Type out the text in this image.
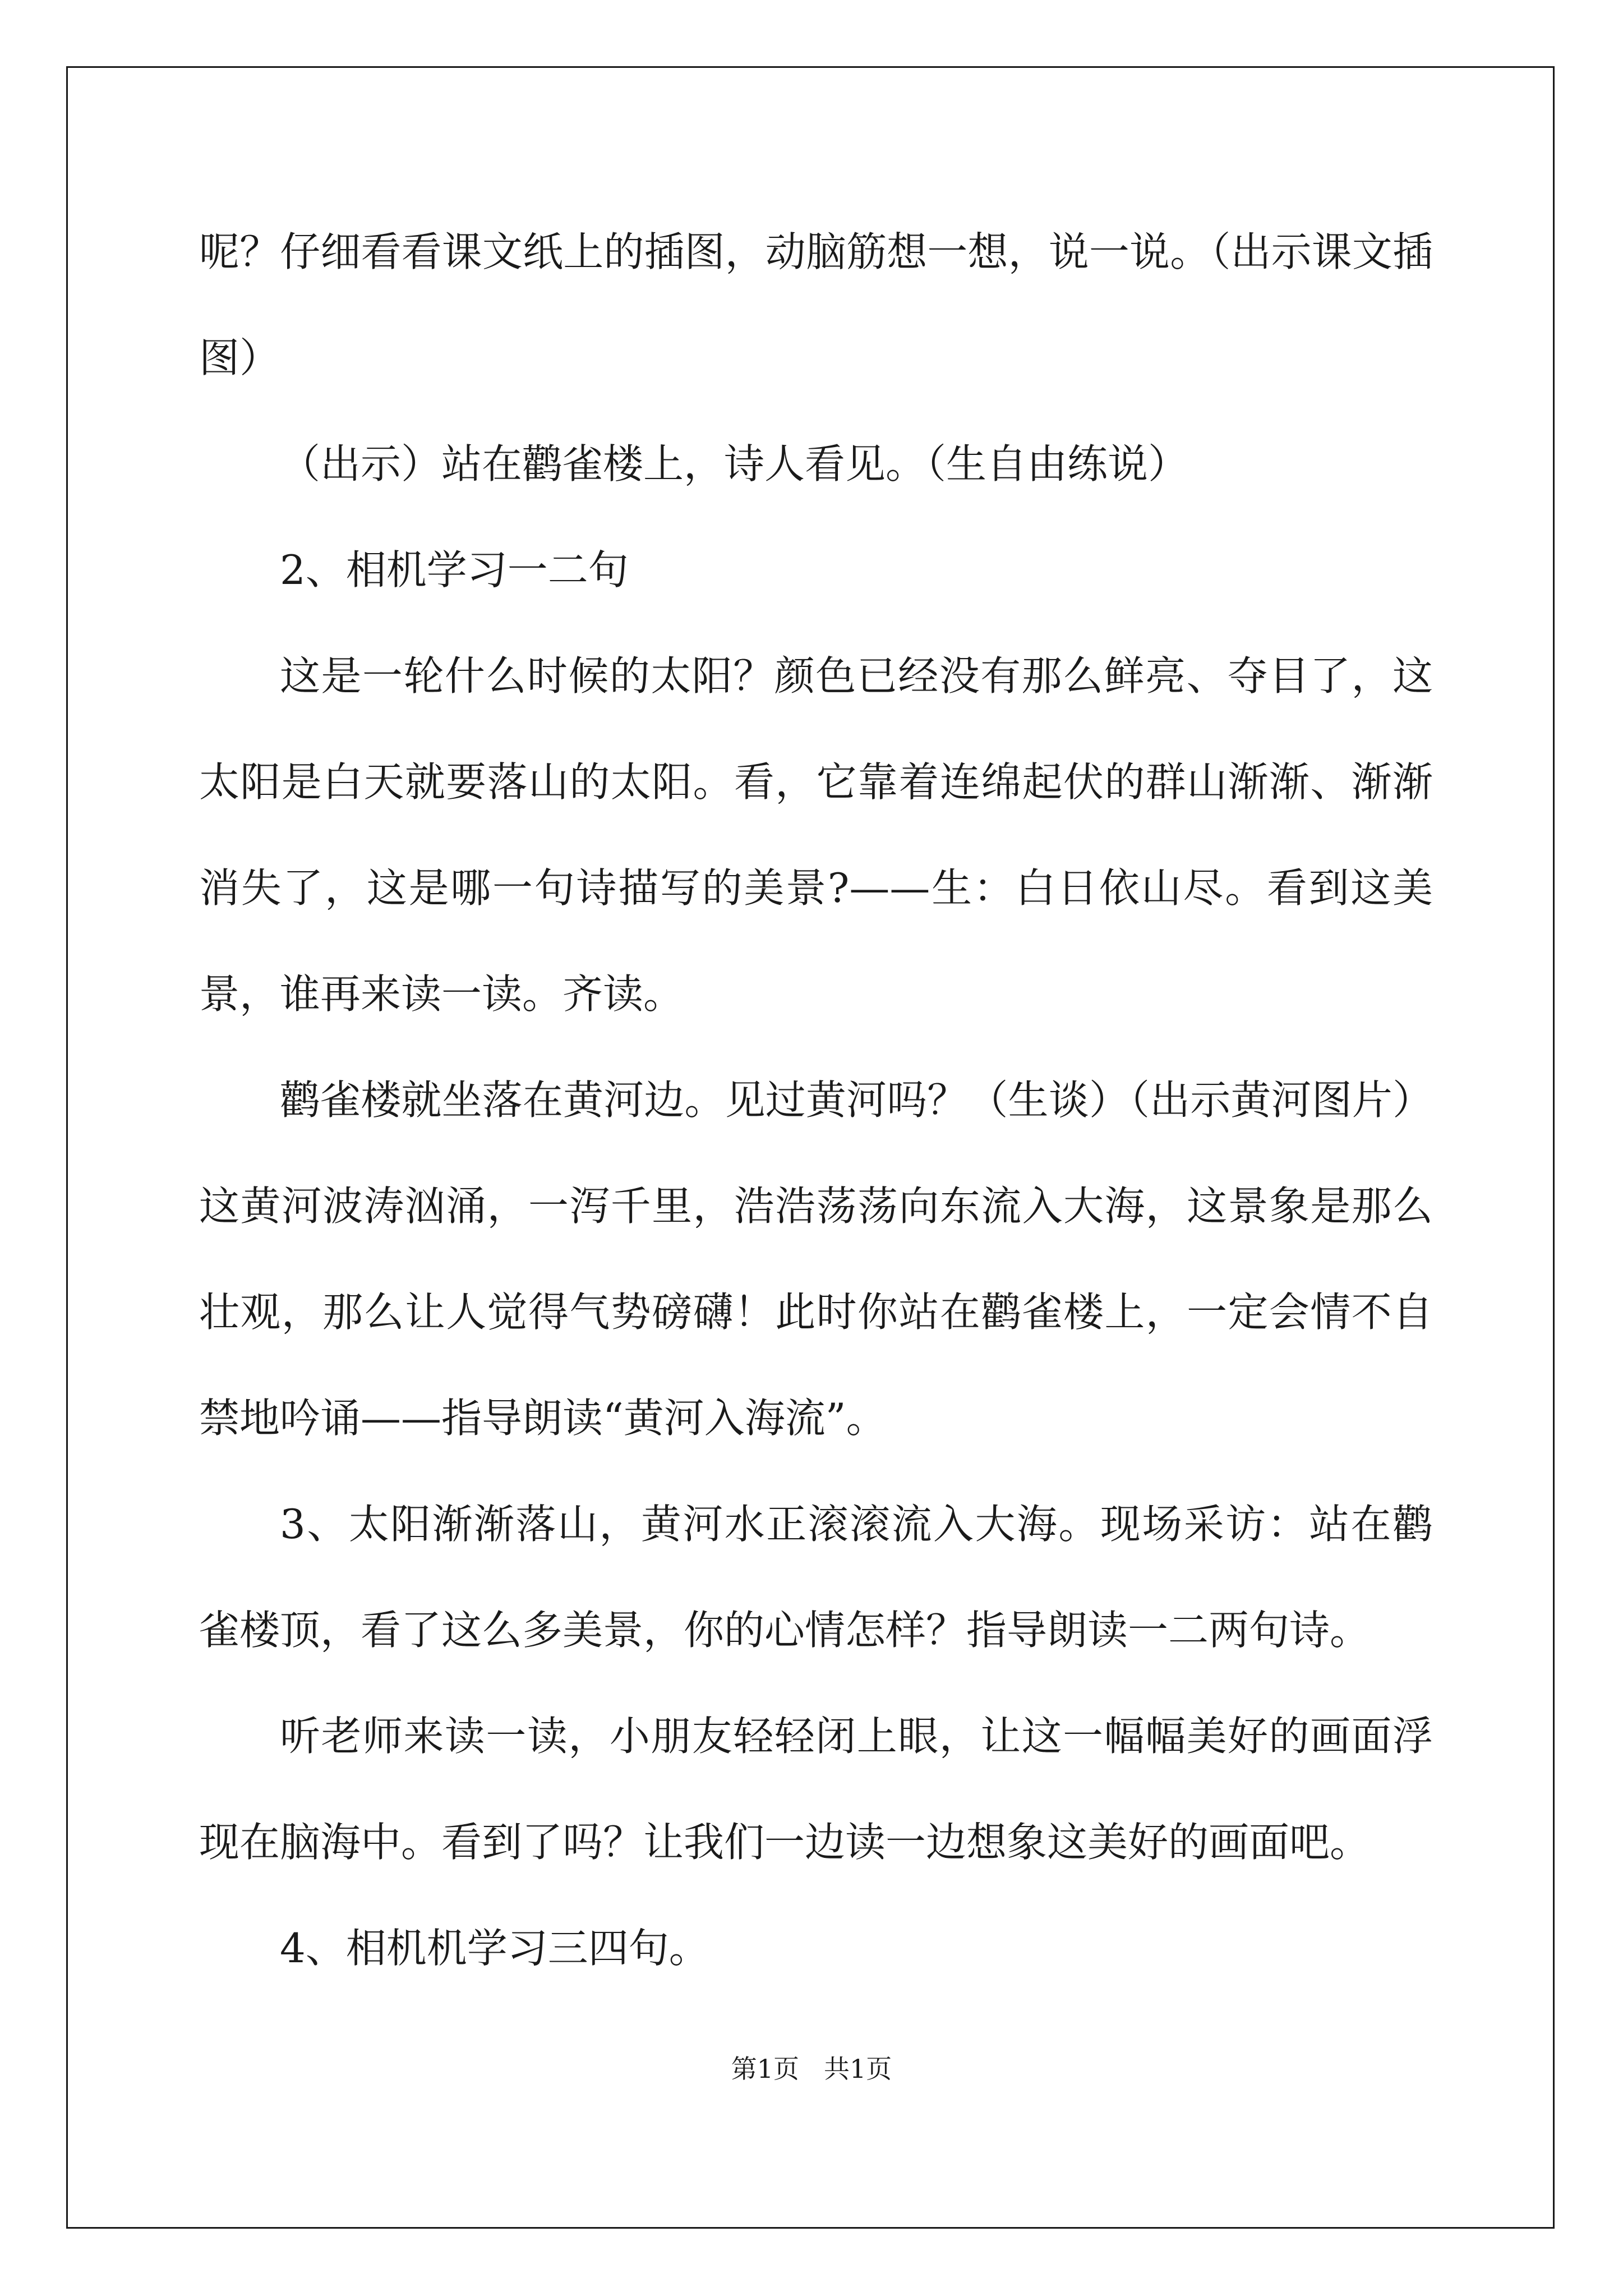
呢？仔细看看课文纸上的插图，动脑筋想一想，说一说。（出示课文插图）

（出示）站在鹳雀楼上，诗人看见。（生自由练说）

2、相机学习一二句

这是一轮什么时候的太阳？颜色已经没有那么鲜亮、夺目了，这太阳是白天就要落山的太阳。看，它靠着连绵起伏的群山渐渐、渐渐消失了，这是哪一句诗描写的美景?——生：白日依山尽。看到这美景，谁再来读一读。齐读。

鹳雀楼就坐落在黄河边。见过黄河吗？（生谈）（出示黄河图片）这黄河波涛汹涌，一泻千里，浩浩荡荡向东流入大海，这景象是那么壮观，那么让人觉得气势磅礴！此时你站在鹳雀楼上，一定会情不自禁地吟诵——指导朗读“黄河入海流”。

3、太阳渐渐落山，黄河水正滚滚流入大海。现场采访：站在鹳雀楼顶，看了这么多美景，你的心情怎样？指导朗读一二两句诗。

听老师来读一读，小朋友轻轻闭上眼，让这一幅幅美好的画面浮现在脑海中。看到了吗？让我们一边读一边想象这美好的画面吧。

4、相机机学习三四句。

第1页 共1页
